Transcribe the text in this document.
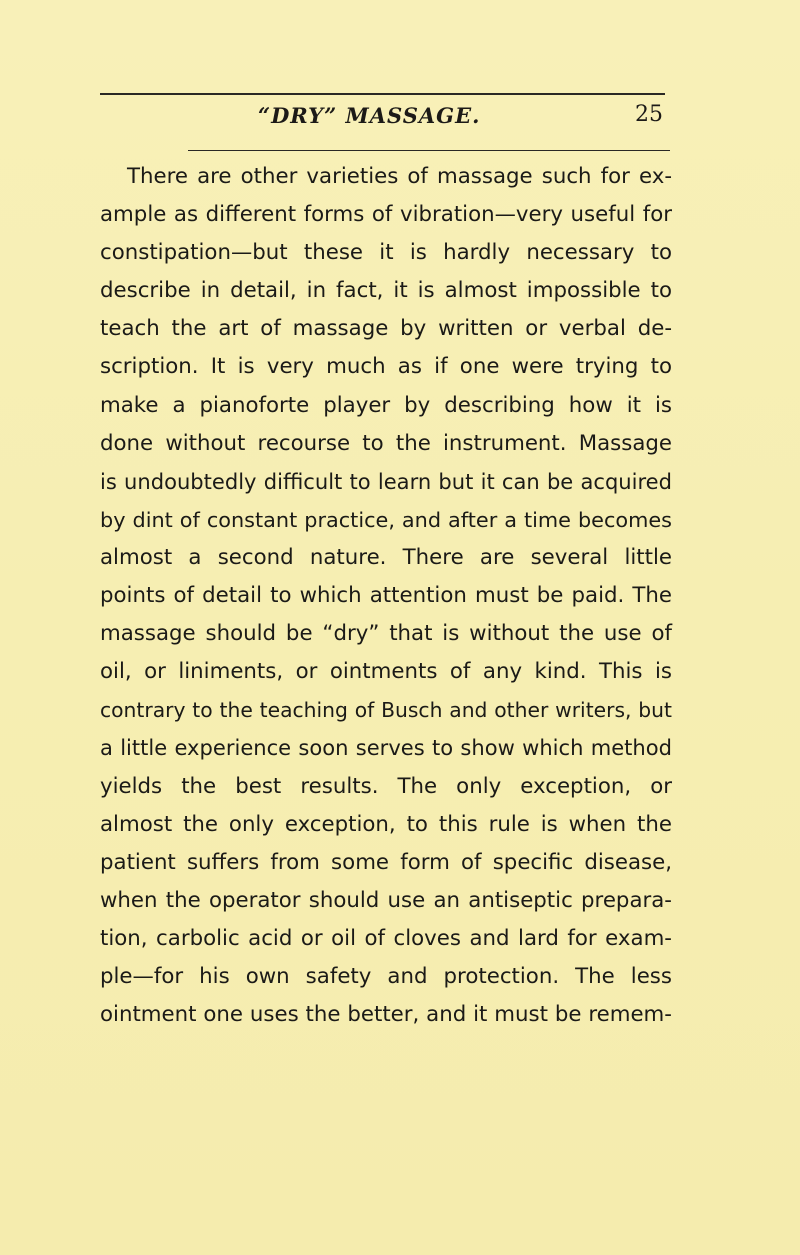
“DRY” MASSAGE.	25
There are other varieties of massage such for ex-
ample as different forms of vibration—very useful for
constipation—but these it is hardly necessary to
describe in detail, in fact, it is almost impossible to
teach the art of massage by written or verbal de-
scription. It is very much as if one were trying to
make a pianoforte player by describing how it is
done without recourse to the instrument. Massage
is undoubtedly difficult to learn but it can be acquired
by dint of constant practice, and after a time becomes
almost a second nature. There are several little
points of detail to which attention must be paid. The
massage should be “dry” that is without the use of
oil, or liniments, or ointments of any kind. This is
contrary to the teaching of Busch and other writers, but
a little experience soon serves to show which method
yields the best results. The only exception, or
almost the only exception, to this rule is when the
patient suffers from some form of specific disease,
when the operator should use an antiseptic prepara-
tion, carbolic acid or oil of cloves and lard for exam-
ple—for his own safety and protection. The less
ointment one uses the better, and it must be remem-
